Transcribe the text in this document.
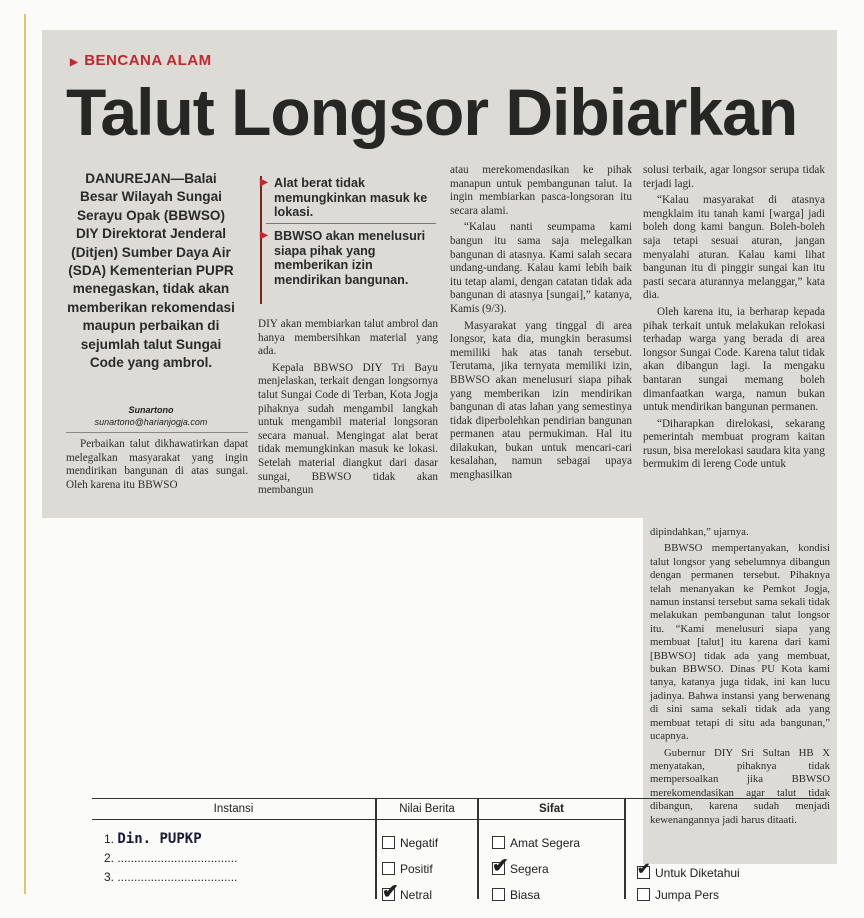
▶ BENCANA ALAM
Talut Longsor Dibiarkan
DANUREJAN—Balai Besar Wilayah Sungai Serayu Opak (BBWSO) DIY Direktorat Jenderal (Ditjen) Sumber Daya Air (SDA) Kementerian PUPR menegaskan, tidak akan memberikan rekomendasi maupun perbaikan di sejumlah talut Sungai Code yang ambrol.
Sunartono
sunartono@harianjogja.com
▶ Alat berat tidak memungkinkan masuk ke lokasi.
▶ BBWSO akan menelusuri siapa pihak yang memberikan izin mendirikan bangunan.

Perbaikan talut dikhawatirkan dapat melegalkan masyarakat yang ingin mendirikan bangunan di atas sungai. Oleh karena itu BBWSO

DIY akan membiarkan talut ambrol dan hanya membersihkan material yang ada.

Kepala BBWSO DIY Tri Bayu menjelaskan, terkait dengan longsornya talut Sungai Code di Terban, Kota Jogja pihaknya sudah mengambil langkah untuk mengambil material longsoran secara manual. Mengingat alat berat tidak memungkinkan masuk ke lokasi. Setelah material diangkut dari dasar sungai, BBWSO tidak akan membangun

atau merekomendasikan ke pihak manapun untuk pembangunan talut. Ia ingin membiarkan pasca-longsoran itu secara alami.

“Kalau nanti seumpama kami bangun itu sama saja melegalkan bangunan di atasnya. Kami salah secara undang-undang. Kalau kami lebih baik itu tetap alami, dengan catatan tidak ada bangunan di atasnya [sungai],” katanya, Kamis (9/3).

Masyarakat yang tinggal di area longsor, kata dia, mungkin berasumsi memiliki hak atas tanah tersebut. Terutama, jika ternyata memiliki izin, BBWSO akan menelusuri siapa pihak yang memberikan izin mendirikan bangunan di atas lahan yang semestinya tidak diperbolehkan pendirian bangunan permanen atau permukiman. Hal itu dilakukan, bukan untuk mencari-cari kesalahan, namun sebagai upaya menghasilkan

solusi terbaik, agar longsor serupa tidak terjadi lagi.

“Kalau masyarakat di atasnya mengklaim itu tanah kami [warga] jadi boleh dong kami bangun. Boleh-boleh saja tetapi sesuai aturan, jangan menyalahi aturan. Kalau kami lihat bangunan itu di pinggir sungai kan itu pasti secara aturannya melanggar,” kata dia.

Oleh karena itu, ia berharap kepada pihak terkait untuk melakukan relokasi terhadap warga yang berada di area longsor Sungai Code. Karena talut tidak akan dibangun lagi. Ia mengaku bantaran sungai memang boleh dimanfaatkan warga, namun bukan untuk mendirikan bangunan permanen.

“Diharapkan direlokasi, sekarang pemerintah membuat program kaitan rusun, bisa merelokasi saudara kita yang bermukim di lereng Code untuk

dipindahkan,” ujarnya.

BBWSO mempertanyakan, kondisi talut longsor yang sebelumnya dibangun dengan permanen tersebut. Pihaknya telah menanyakan ke Pemkot Jogja, namun instansi tersebut sama sekali tidak melakukan pembangunan talut longsor itu. “Kami menelusuri siapa yang membuat [talut] itu karena dari kami [BBWSO] tidak ada yang membuat, bukan BBWSO. Dinas PU Kota kami tanya, katanya juga tidak, ini kan lucu jadinya. Bahwa instansi yang berwenang di sini sama sekali tidak ada yang membuat tetapi di situ ada bangunan,” ucapnya.

Gubernur DIY Sri Sultan HB X menyatakan, pihaknya tidak mempersoalkan jika BBWSO merekomendasikan agar talut tidak dibangun, karena sudah menjadi kewenangannya jadi harus ditaati.

Instansi	Nilai Berita	Sifat
1. Din. PUPKP
2. ....................................
3. ....................................
Negatif
Positif
Netral
✔
Amat Segera
Segera
✔
Biasa
Untuk Diketahui
✔
Jumpa Pers
